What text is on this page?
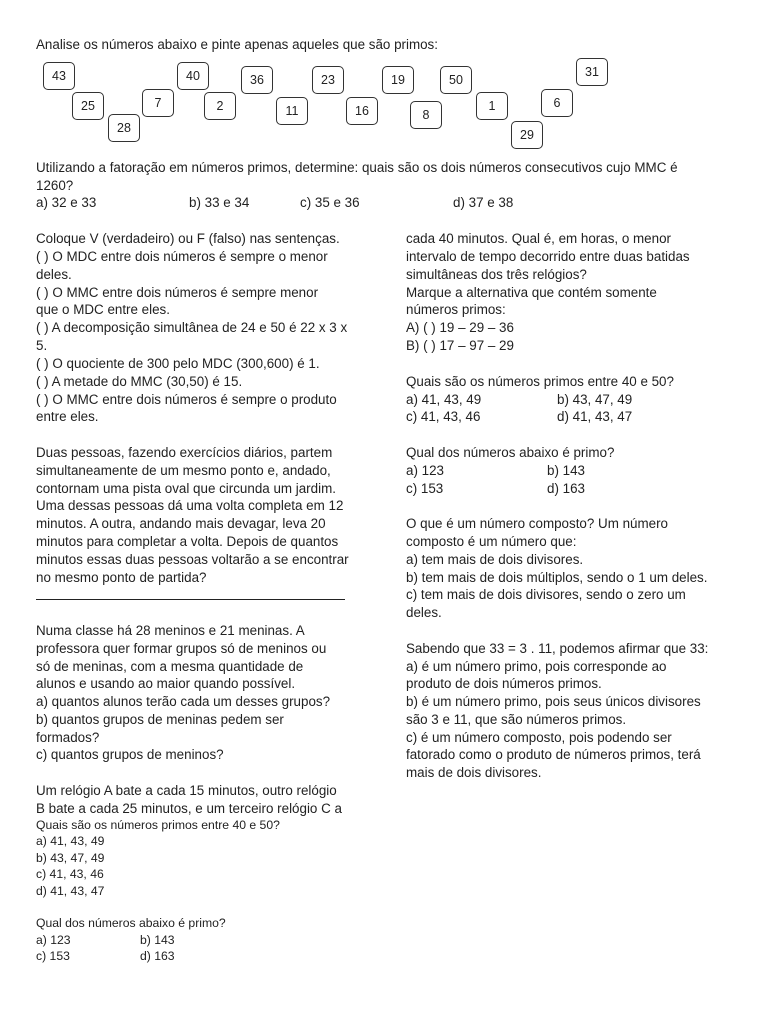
Analise os números abaixo e pinte apenas aqueles que são primos:
43
25
28
7
40
2
36
11
23
16
19
8
50
1
29
6
31
Utilizando a fatoração em números primos, determine: quais são os dois números consecutivos cujo MMC é
1260?
a) 32 e 33	b) 33 e 34	c) 35 e 36	d) 37 e 38
Coloque V (verdadeiro) ou F (falso) nas sentenças.
( ) O MDC entre dois números é sempre o menor
deles.
( ) O MMC entre dois números é sempre menor
que o MDC entre eles.
( ) A decomposição simultânea de 24 e 50 é 22 x 3 x
5.
( ) O quociente de 300 pelo MDC (300,600) é 1.
( ) A metade do MMC (30,50) é 15.
( ) O MMC entre dois números é sempre o produto
entre eles.
Duas pessoas, fazendo exercícios diários, partem
simultaneamente de um mesmo ponto e, andado,
contornam uma pista oval que circunda um jardim.
Uma dessas pessoas dá uma volta completa em 12
minutos. A outra, andando mais devagar, leva 20
minutos para completar a volta. Depois de quantos
minutos essas duas pessoas voltarão a se encontrar
no mesmo ponto de partida?
Numa classe há 28 meninos e 21 meninas. A
professora quer formar grupos só de meninos ou
só de meninas, com a mesma quantidade de
alunos e usando ao maior quando possível.
a) quantos alunos terão cada um desses grupos?
b) quantos grupos de meninas pedem ser
formados?
c) quantos grupos de meninos?
Um relógio A bate a cada 15 minutos, outro relógio
B bate a cada 25 minutos, e um terceiro relógio C a
Quais são os números primos entre 40 e 50?
a) 41, 43, 49
b) 43, 47, 49
c) 41, 43, 46
d) 41, 43, 47
Qual dos números abaixo é primo?
a) 123	b) 143
c) 153	d) 163
cada 40 minutos. Qual é, em horas, o menor
intervalo de tempo decorrido entre duas batidas
simultâneas dos três relógios?
Marque a alternativa que contém somente
números primos:
A) ( ) 19 – 29 – 36
B) ( ) 17 – 97 – 29
Quais são os números primos entre 40 e 50?
a) 41, 43, 49	b) 43, 47, 49
c) 41, 43, 46	d) 41, 43, 47
Qual dos números abaixo é primo?
a) 123	b) 143
c) 153	d) 163
O que é um número composto? Um número
composto é um número que:
a) tem mais de dois divisores.
b) tem mais de dois múltiplos, sendo o 1 um deles.
c) tem mais de dois divisores, sendo o zero um
deles.
Sabendo que 33 = 3 . 11, podemos afirmar que 33:
a) é um número primo, pois corresponde ao
produto de dois números primos.
b) é um número primo, pois seus únicos divisores
são 3 e 11, que são números primos.
c) é um número composto, pois podendo ser
fatorado como o produto de números primos, terá
mais de dois divisores.
